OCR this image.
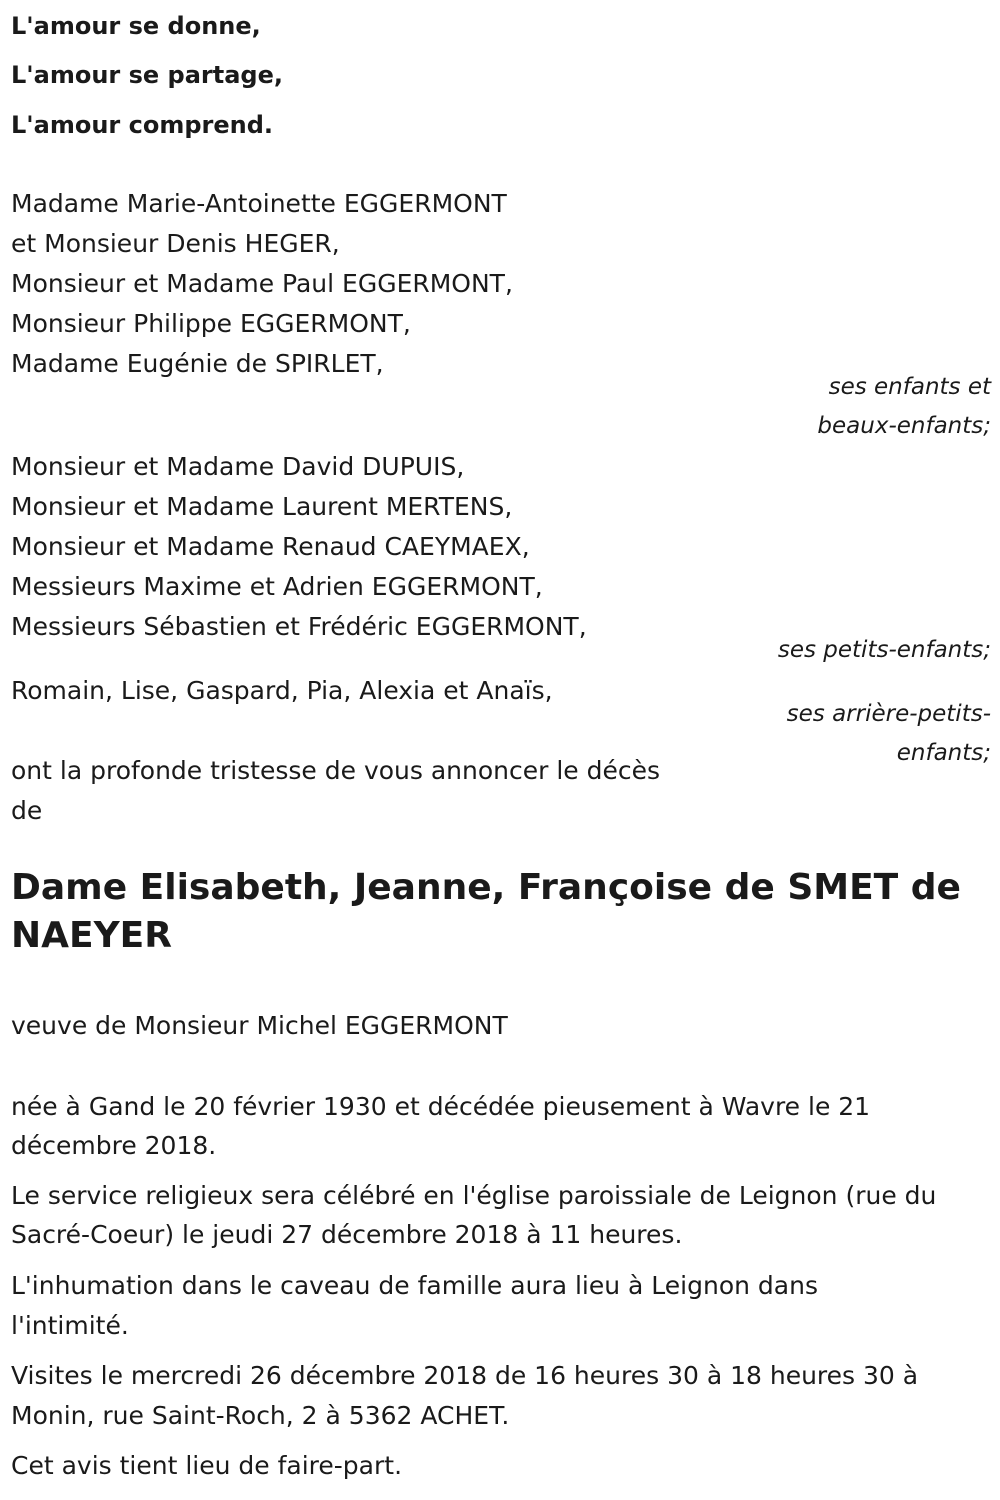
L'amour se donne,
L'amour se partage,
L'amour comprend.
Madame Marie-Antoinette EGGERMONT
et Monsieur Denis HEGER,
Monsieur et Madame Paul EGGERMONT,
Monsieur Philippe EGGERMONT,
Madame Eugénie de SPIRLET,
ses enfants et
beaux-enfants;
Monsieur et Madame David DUPUIS,
Monsieur et Madame Laurent MERTENS,
Monsieur et Madame Renaud CAEYMAEX,
Messieurs Maxime et Adrien EGGERMONT,
Messieurs Sébastien et Frédéric EGGERMONT,
ses petits-enfants;
Romain, Lise, Gaspard, Pia, Alexia et Anaïs,
ses arrière-petits-
enfants;
ont la profonde tristesse de vous annoncer le décès
de
Dame Elisabeth, Jeanne, Françoise de SMET de NAEYER
veuve de Monsieur Michel EGGERMONT
née à Gand le 20 février 1930 et décédée pieusement à Wavre le 21
décembre 2018.
Le service religieux sera célébré en l'église paroissiale de Leignon (rue du
Sacré-Coeur) le jeudi 27 décembre 2018 à 11 heures.
L'inhumation dans le caveau de famille aura lieu à Leignon dans
l'intimité.
Visites le mercredi 26 décembre 2018 de 16 heures 30 à 18 heures 30 à
Monin, rue Saint-Roch, 2 à 5362 ACHET.
Cet avis tient lieu de faire-part.
